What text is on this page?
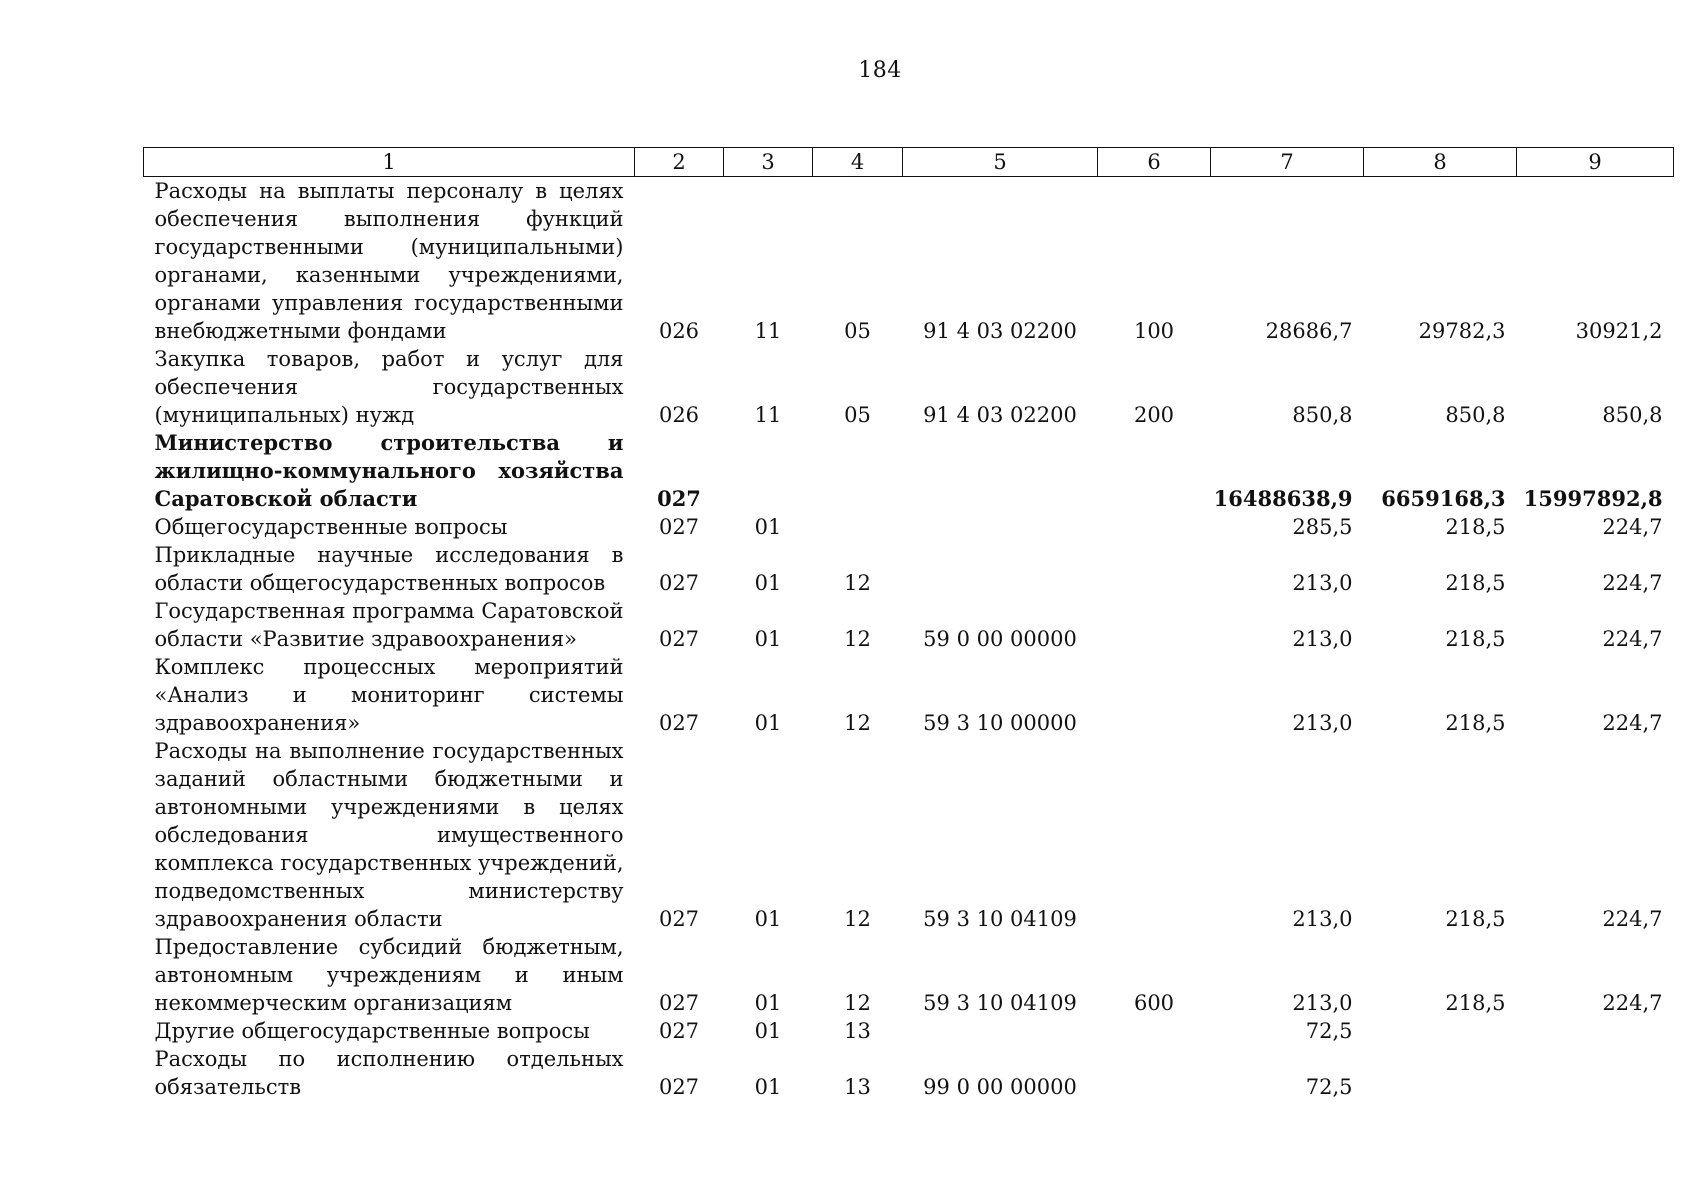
184
1	2	3	4	5	6	7	8	9
Расходы на выплаты персоналу в целях обеспечения выполнения функций государственными (муниципальными) органами, казенными учреждениями, органами управления государственными внебюджетными фондами	026	11	05	91 4 03 02200	100	28686,7	29782,3	30921,2
Закупка товаров, работ и услуг для обеспечения государственных (муниципальных) нужд	026	11	05	91 4 03 02200	200	850,8	850,8	850,8
Министерство строительства и жилищно-коммунального хозяйства Саратовской области	027					16488638,9	6659168,3	15997892,8
Общегосударственные вопросы	027	01				285,5	218,5	224,7
Прикладные научные исследования в области общегосударственных вопросов	027	01	12			213,0	218,5	224,7
Государственная программа Саратовской области «Развитие здравоохранения»	027	01	12	59 0 00 00000		213,0	218,5	224,7
Комплекс процессных мероприятий «Анализ и мониторинг системы здравоохранения»	027	01	12	59 3 10 00000		213,0	218,5	224,7
Расходы на выполнение государственных заданий областными бюджетными и автономными учреждениями в целях обследования имущественного комплекса государственных учреждений, подведомственных министерству здравоохранения области	027	01	12	59 3 10 04109		213,0	218,5	224,7
Предоставление субсидий бюджетным, автономным учреждениям и иным некоммерческим организациям	027	01	12	59 3 10 04109	600	213,0	218,5	224,7
Другие общегосударственные вопросы	027	01	13			72,5		
Расходы по исполнению отдельных обязательств	027	01	13	99 0 00 00000		72,5		
